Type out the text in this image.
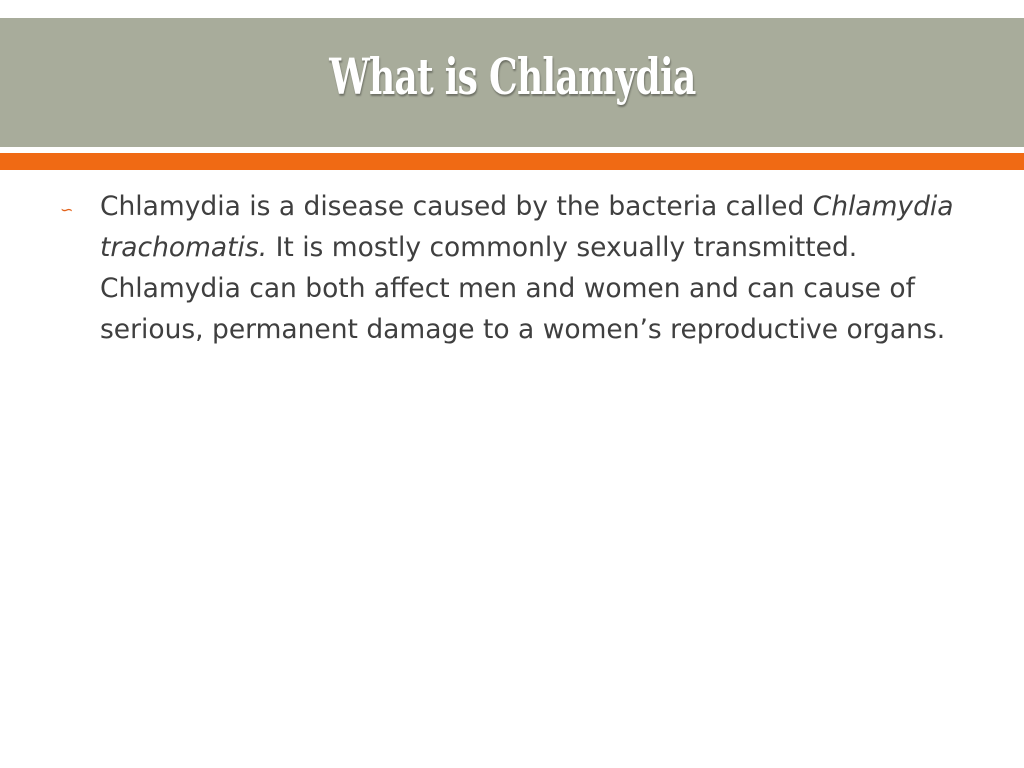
What is Chlamydia
∽	Chlamydia is a disease caused by the bacteria called Chlamydia trachomatis. It is mostly commonly sexually transmitted. Chlamydia can both affect men and women and can cause of serious, permanent damage to a women’s reproductive organs.
